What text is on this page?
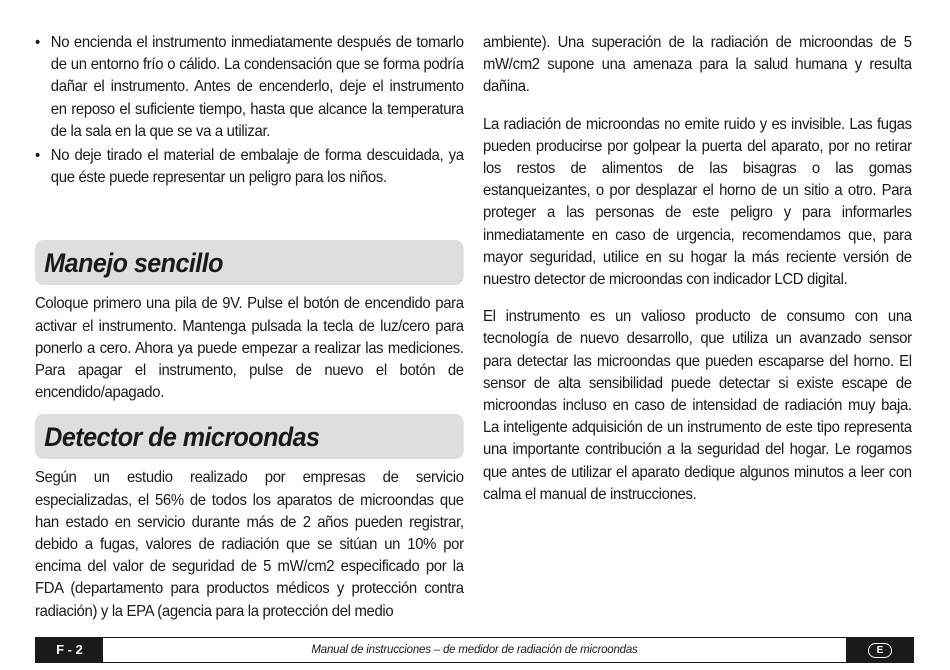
• No encienda el instrumento inmediatamente después de tomarlo de un entorno frío o cálido. La condensación que se forma podría dañar el instrumento. Antes de encenderlo, deje el instrumento en reposo el suficiente tiempo, hasta que alcance la temperatura de la sala en la que se va a utilizar.
• No deje tirado el material de embalaje de forma descuidada, ya que éste puede representar un peligro para los niños.
Manejo sencillo

Coloque primero una pila de 9V. Pulse el botón de encendido para activar el instrumento. Mantenga pulsada la tecla de luz/cero para ponerlo a cero. Ahora ya puede empezar a realizar las mediciones. Para apagar el instrumento, pulse de nuevo el botón de encendido/apagado.

Detector de microondas

Según un estudio realizado por empresas de servicio especializadas, el 56% de todos los aparatos de microondas que han estado en servicio durante más de 2 años pueden registrar, debido a fugas, valores de radiación que se sitúan un 10% por encima del valor de seguridad de 5 mW/cm2 especificado por la FDA (departamento para productos médicos y protección contra radiación) y la EPA (agencia para la protección del medio

ambiente). Una superación de la radiación de microondas de 5 mW/cm2 supone una amenaza para la salud humana y resulta dañina.

La radiación de microondas no emite ruido y es invisible. Las fugas pueden producirse por golpear la puerta del aparato, por no retirar los restos de alimentos de las bisagras o las gomas estanqueizantes, o por desplazar el horno de un sitio a otro. Para proteger a las personas de este peligro y para informarles inmediatamente en caso de urgencia, recomendamos que, para mayor seguridad, utilice en su hogar la más reciente versión de nuestro detector de microondas con indicador LCD digital.

El instrumento es un valioso producto de consumo con una tecnología de nuevo desarrollo, que utiliza un avanzado sensor para detectar las microondas que pueden escaparse del horno. El sensor de alta sensibilidad puede detectar si existe escape de microondas incluso en caso de intensidad de radiación muy baja. La inteligente adquisición de un instrumento de este tipo representa una importante contribución a la seguridad del hogar. Le rogamos que antes de utilizar el aparato dedique algunos minutos a leer con calma el manual de instrucciones.

F - 2	Manual de instrucciones – de medidor de radiación de microondas	E
